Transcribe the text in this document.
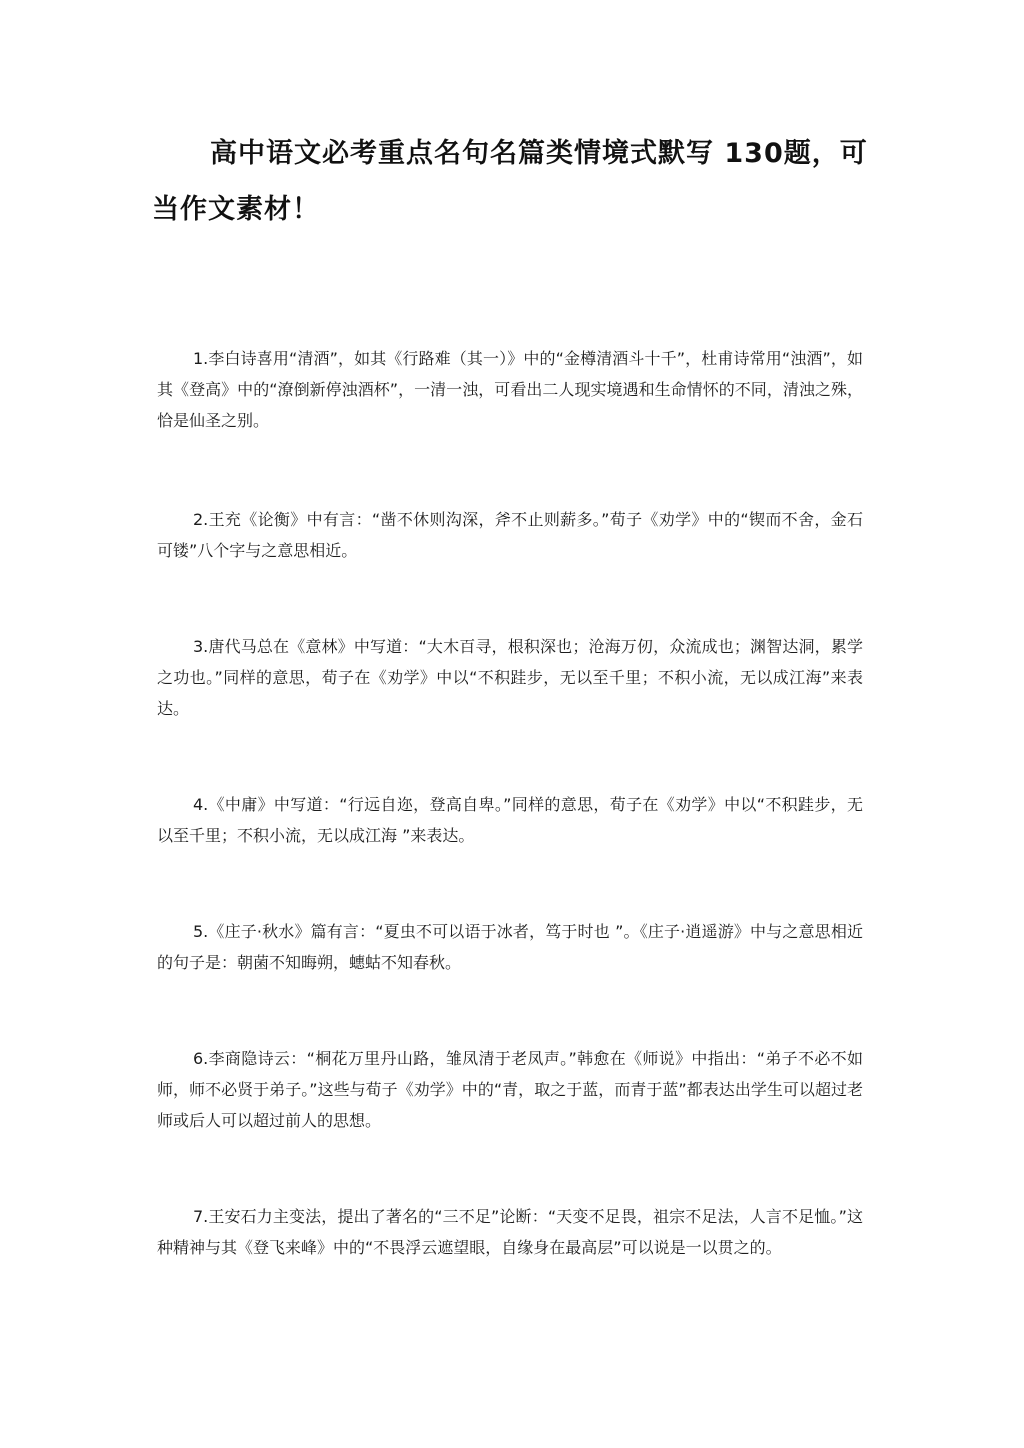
高中语文必考重点名句名篇类情境式默写 130题，可当作文素材！

1.李白诗喜用“清酒”，如其《行路难（其一）》中的“金樽清酒斗十千”，杜甫诗常用“浊酒”，如其《登高》中的“潦倒新停浊酒杯”，一清一浊，可看出二人现实境遇和生命情怀的不同，清浊之殊，恰是仙圣之别。

2.王充《论衡》中有言：“凿不休则沟深，斧不止则薪多。”荀子《劝学》中的“锲而不舍，金石可镂”八个字与之意思相近。

3.唐代马总在《意林》中写道：“大木百寻，根积深也；沧海万仞，众流成也；渊智达洞，累学之功也。”同样的意思，荀子在《劝学》中以“不积跬步，无以至千里；不积小流，无以成江海”来表达。

4.《中庸》中写道：“行远自迩，登高自卑。”同样的意思，荀子在《劝学》中以“不积跬步，无以至千里；不积小流，无以成江海 ”来表达。

5.《庄子·秋水》篇有言：“夏虫不可以语于冰者，笃于时也 ”。《庄子·逍遥游》中与之意思相近的句子是：朝菌不知晦朔，蟪蛄不知春秋。

6.李商隐诗云：“桐花万里丹山路，雏凤清于老凤声。”韩愈在《师说》中指出：“弟子不必不如师，师不必贤于弟子。”这些与荀子《劝学》中的“青，取之于蓝，而青于蓝”都表达出学生可以超过老师或后人可以超过前人的思想。

7.王安石力主变法，提出了著名的“三不足”论断：“天变不足畏，祖宗不足法，人言不足恤。”这种精神与其《登飞来峰》中的“不畏浮云遮望眼，自缘身在最高层”可以说是一以贯之的。
